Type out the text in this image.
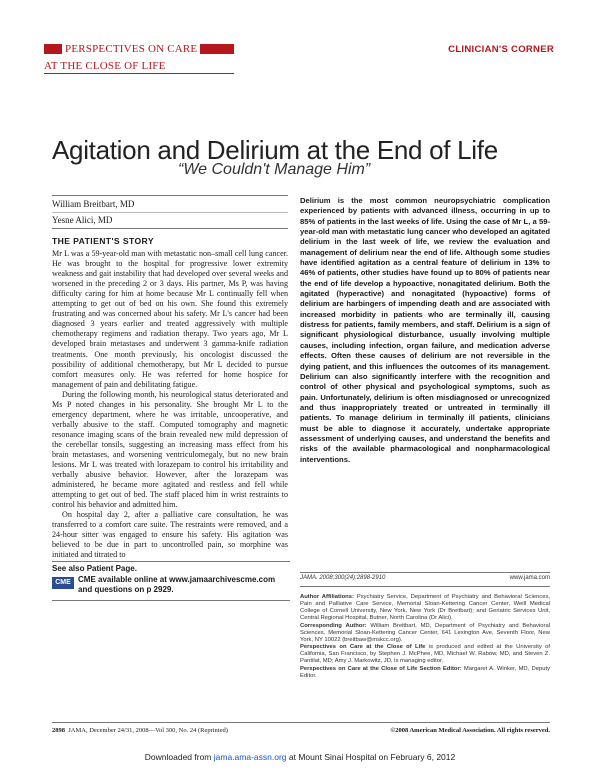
PERSPECTIVES ON CARE
AT THE CLOSE OF LIFE
CLINICIAN'S CORNER
Agitation and Delirium at the End of Life
“We Couldn't Manage Him”
William Breitbart, MD
Yesne Alici, MD
THE PATIENT'S STORY

Mr L was a 59-year-old man with metastatic non–small cell lung cancer. He was brought to the hospital for progressive lower extremity weakness and gait instability that had developed over several weeks and worsened in the preceding 2 or 3 days. His partner, Ms P, was having difficulty caring for him at home because Mr L continually fell when attempting to get out of bed on his own. She found this extremely frustrating and was concerned about his safety. Mr L's cancer had been diagnosed 3 years earlier and treated aggressively with multiple chemotherapy regimens and radiation therapy. Two years ago, Mr L developed brain metastases and underwent 3 gamma-knife radiation treatments. One month previously, his oncologist discussed the possibility of additional chemotherapy, but Mr L decided to pursue comfort measures only. He was referred for home hospice for management of pain and debilitating fatigue.

During the following month, his neurological status deteriorated and Ms P noted changes in his personality. She brought Mr L to the emergency department, where he was irritable, uncooperative, and verbally abusive to the staff. Computed tomography and magnetic resonance imaging scans of the brain revealed new mild depression of the cerebellar tonsils, suggesting an increasing mass effect from his brain metastases, and worsening ventriculomegaly, but no new brain lesions. Mr L was treated with lorazepam to control his irritability and verbally abusive behavior. However, after the lorazepam was administered, he became more agitated and restless and fell while attempting to get out of bed. The staff placed him in wrist restraints to control his behavior and admitted him.

On hospital day 2, after a palliative care consultation, he was transferred to a comfort care suite. The restraints were removed, and a 24-hour sitter was engaged to ensure his safety. His agitation was believed to be due in part to uncontrolled pain, so morphine was initiated and titrated to

See also Patient Page.
CME CME available online at www.jamaarchivescme.com and questions on p 2929.
Delirium is the most common neuropsychiatric complication experienced by patients with advanced illness, occurring in up to 85% of patients in the last weeks of life. Using the case of Mr L, a 59-year-old man with metastatic lung cancer who developed an agitated delirium in the last week of life, we review the evaluation and management of delirium near the end of life. Although some studies have identified agitation as a central feature of delirium in 13% to 46% of patients, other studies have found up to 80% of patients near the end of life develop a hypoactive, nonagitated delirium. Both the agitated (hyperactive) and nonagitated (hypoactive) forms of delirium are harbingers of impending death and are associated with increased morbidity in patients who are terminally ill, causing distress for patients, family members, and staff. Delirium is a sign of significant physiological disturbance, usually involving multiple causes, including infection, organ failure, and medication adverse effects. Often these causes of delirium are not reversible in the dying patient, and this influences the outcomes of its management. Delirium can also significantly interfere with the recognition and control of other physical and psychological symptoms, such as pain. Unfortunately, delirium is often misdiagnosed or unrecognized and thus inappropriately treated or untreated in terminally ill patients. To manage delirium in terminally ill patients, clinicians must be able to diagnose it accurately, undertake appropriate assessment of underlying causes, and understand the benefits and risks of the available pharmacological and nonpharmacological interventions.
JAMA. 2008;300(24):2898-2910	www.jama.com
Author Affiliations: Psychiatry Service, Department of Psychiatry and Behavioral Sciences, Pain and Palliative Care Service, Memorial Sloan-Kettering Cancer Center, Weill Medical College of Cornell University, New York, New York (Dr Breitbart); and Geriatric Services Unit, Central Regional Hospital, Butner, North Carolina (Dr Alici).
Corresponding Author: William Breitbart, MD, Department of Psychiatry and Behavioral Sciences, Memorial Sloan-Kettering Cancer Center, 641 Lexington Ave, Seventh Floor, New York, NY 10022 (breitbaw@mskcc.org).
Perspectives on Care at the Close of Life is produced and edited at the University of California, San Francisco, by Stephen J. McPhee, MD, Michael W. Rabow, MD, and Steven Z. Pantilat, MD; Amy J. Markowitz, JD, is managing editor.
Perspectives on Care at the Close of Life Section Editor: Margaret A. Winker, MD, Deputy Editor.
2898 JAMA, December 24/31, 2008—Vol 300, No. 24 (Reprinted)	©2008 American Medical Association. All rights reserved.
Downloaded from jama.ama-assn.org at Mount Sinai Hospital on February 6, 2012
